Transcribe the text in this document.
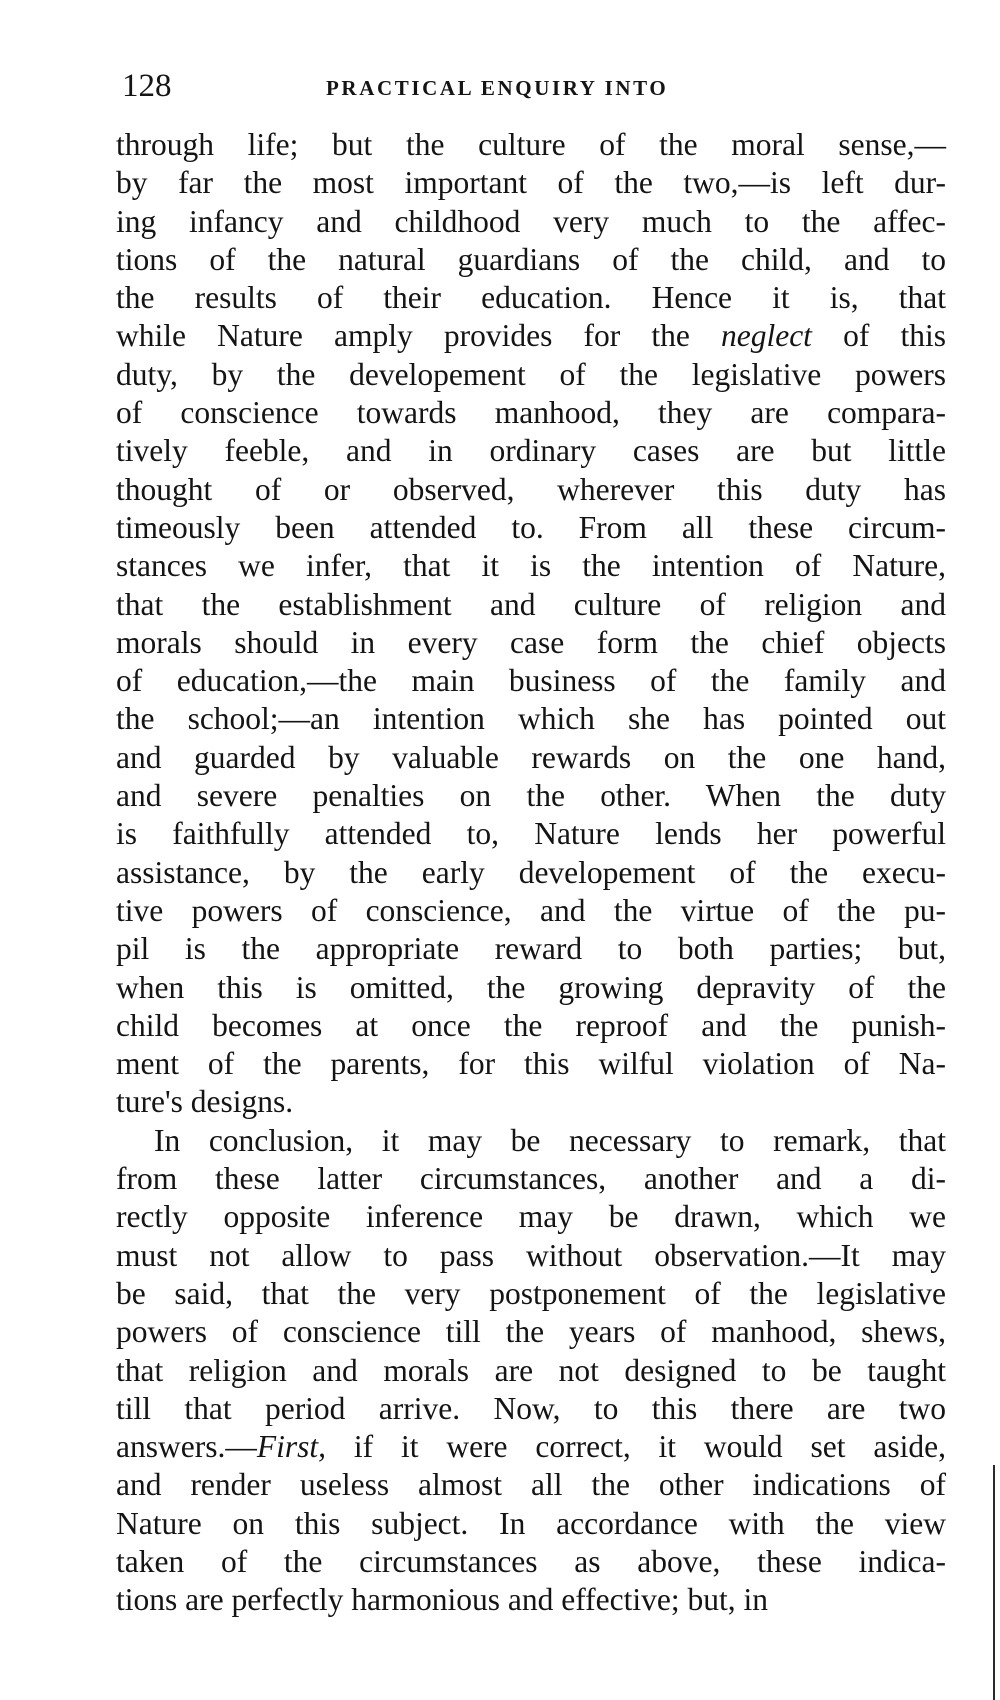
128	PRACTICAL ENQUIRY INTO

through life; but the culture of the moral sense,—
by far the most important of the two,—is left dur-
ing infancy and childhood very much to the affec-
tions of the natural guardians of the child, and to
the results of their education. Hence it is, that
while Nature amply provides for the neglect of this
duty, by the developement of the legislative powers
of conscience towards manhood, they are compara-
tively feeble, and in ordinary cases are but little
thought of or observed, wherever this duty has
timeously been attended to. From all these circum-
stances we infer, that it is the intention of Nature,
that the establishment and culture of religion and
morals should in every case form the chief objects
of education,—the main business of the family and
the school;—an intention which she has pointed out
and guarded by valuable rewards on the one hand,
and severe penalties on the other. When the duty
is faithfully attended to, Nature lends her powerful
assistance, by the early developement of the execu-
tive powers of conscience, and the virtue of the pu-
pil is the appropriate reward to both parties; but,
when this is omitted, the growing depravity of the
child becomes at once the reproof and the punish-
ment of the parents, for this wilful violation of Na-
ture's designs.

In conclusion, it may be necessary to remark, that
from these latter circumstances, another and a di-
rectly opposite inference may be drawn, which we
must not allow to pass without observation.—It may
be said, that the very postponement of the legislative
powers of conscience till the years of manhood, shews,
that religion and morals are not designed to be taught
till that period arrive. Now, to this there are two
answers.—First, if it were correct, it would set aside,
and render useless almost all the other indications of
Nature on this subject. In accordance with the view
taken of the circumstances as above, these indica-
tions are perfectly harmonious and effective; but, in
